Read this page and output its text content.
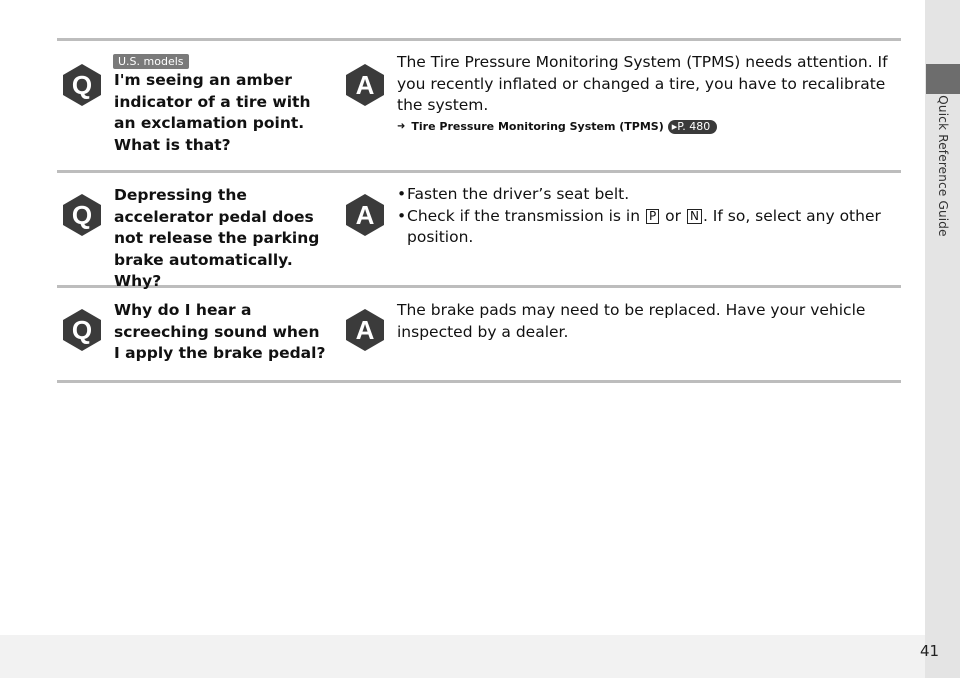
Quick Reference Guide
41
Q
U.S. models
I'm seeing an amber indicator of a tire with an exclamation point. What is that?
A
The Tire Pressure Monitoring System (TPMS) needs attention. If you recently inflated or changed a tire, you have to recalibrate the system.
➜ Tire Pressure Monitoring System (TPMS) ▸P. 480
Q
Depressing the accelerator pedal does not release the parking brake automatically. Why?
A
• Fasten the driver’s seat belt.
• Check if the transmission is in P or N . If so, select any other position.
Q
Why do I hear a screeching sound when I apply the brake pedal?
A
The brake pads may need to be replaced. Have your vehicle inspected by a dealer.
